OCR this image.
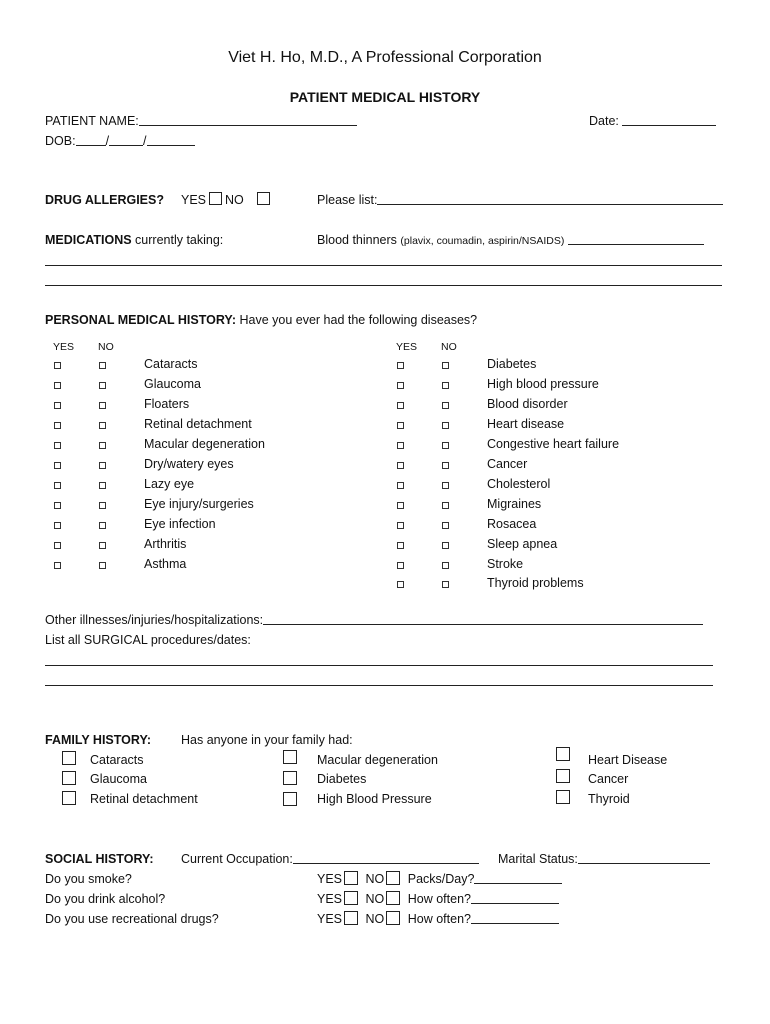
Viet H. Ho, M.D., A Professional Corporation
PATIENT MEDICAL HISTORY
PATIENT NAME:	Date:
DOB: /	/
DRUG ALLERGIES? YES NO	Please list:
MEDICATIONS currently taking:	Blood thinners (plavix, coumadin, aspirin/NSAIDS)
PERSONAL MEDICAL HISTORY: Have you ever had the following diseases?
YES NO	YES NO
Cataracts
Glaucoma
Floaters
Retinal detachment
Macular degeneration
Dry/watery eyes
Lazy eye
Eye injury/surgeries
Eye infection
Arthritis
Asthma
Diabetes
High blood pressure
Blood disorder
Heart disease
Congestive heart failure
Cancer
Cholesterol
Migraines
Rosacea
Sleep apnea
Stroke
Thyroid problems
Other illnesses/injuries/hospitalizations:
List all SURGICAL procedures/dates:
FAMILY HISTORY: Has anyone in your family had:
Cataracts
Glaucoma
Retinal detachment
Macular degeneration
Diabetes
High Blood Pressure
Heart Disease
Cancer
Thyroid
SOCIAL HISTORY: Current Occupation:	Marital Status:
Do you smoke?	YES NO Packs/Day?
Do you drink alcohol?	YES NO How often?
Do you use recreational drugs?	YES NO How often?
